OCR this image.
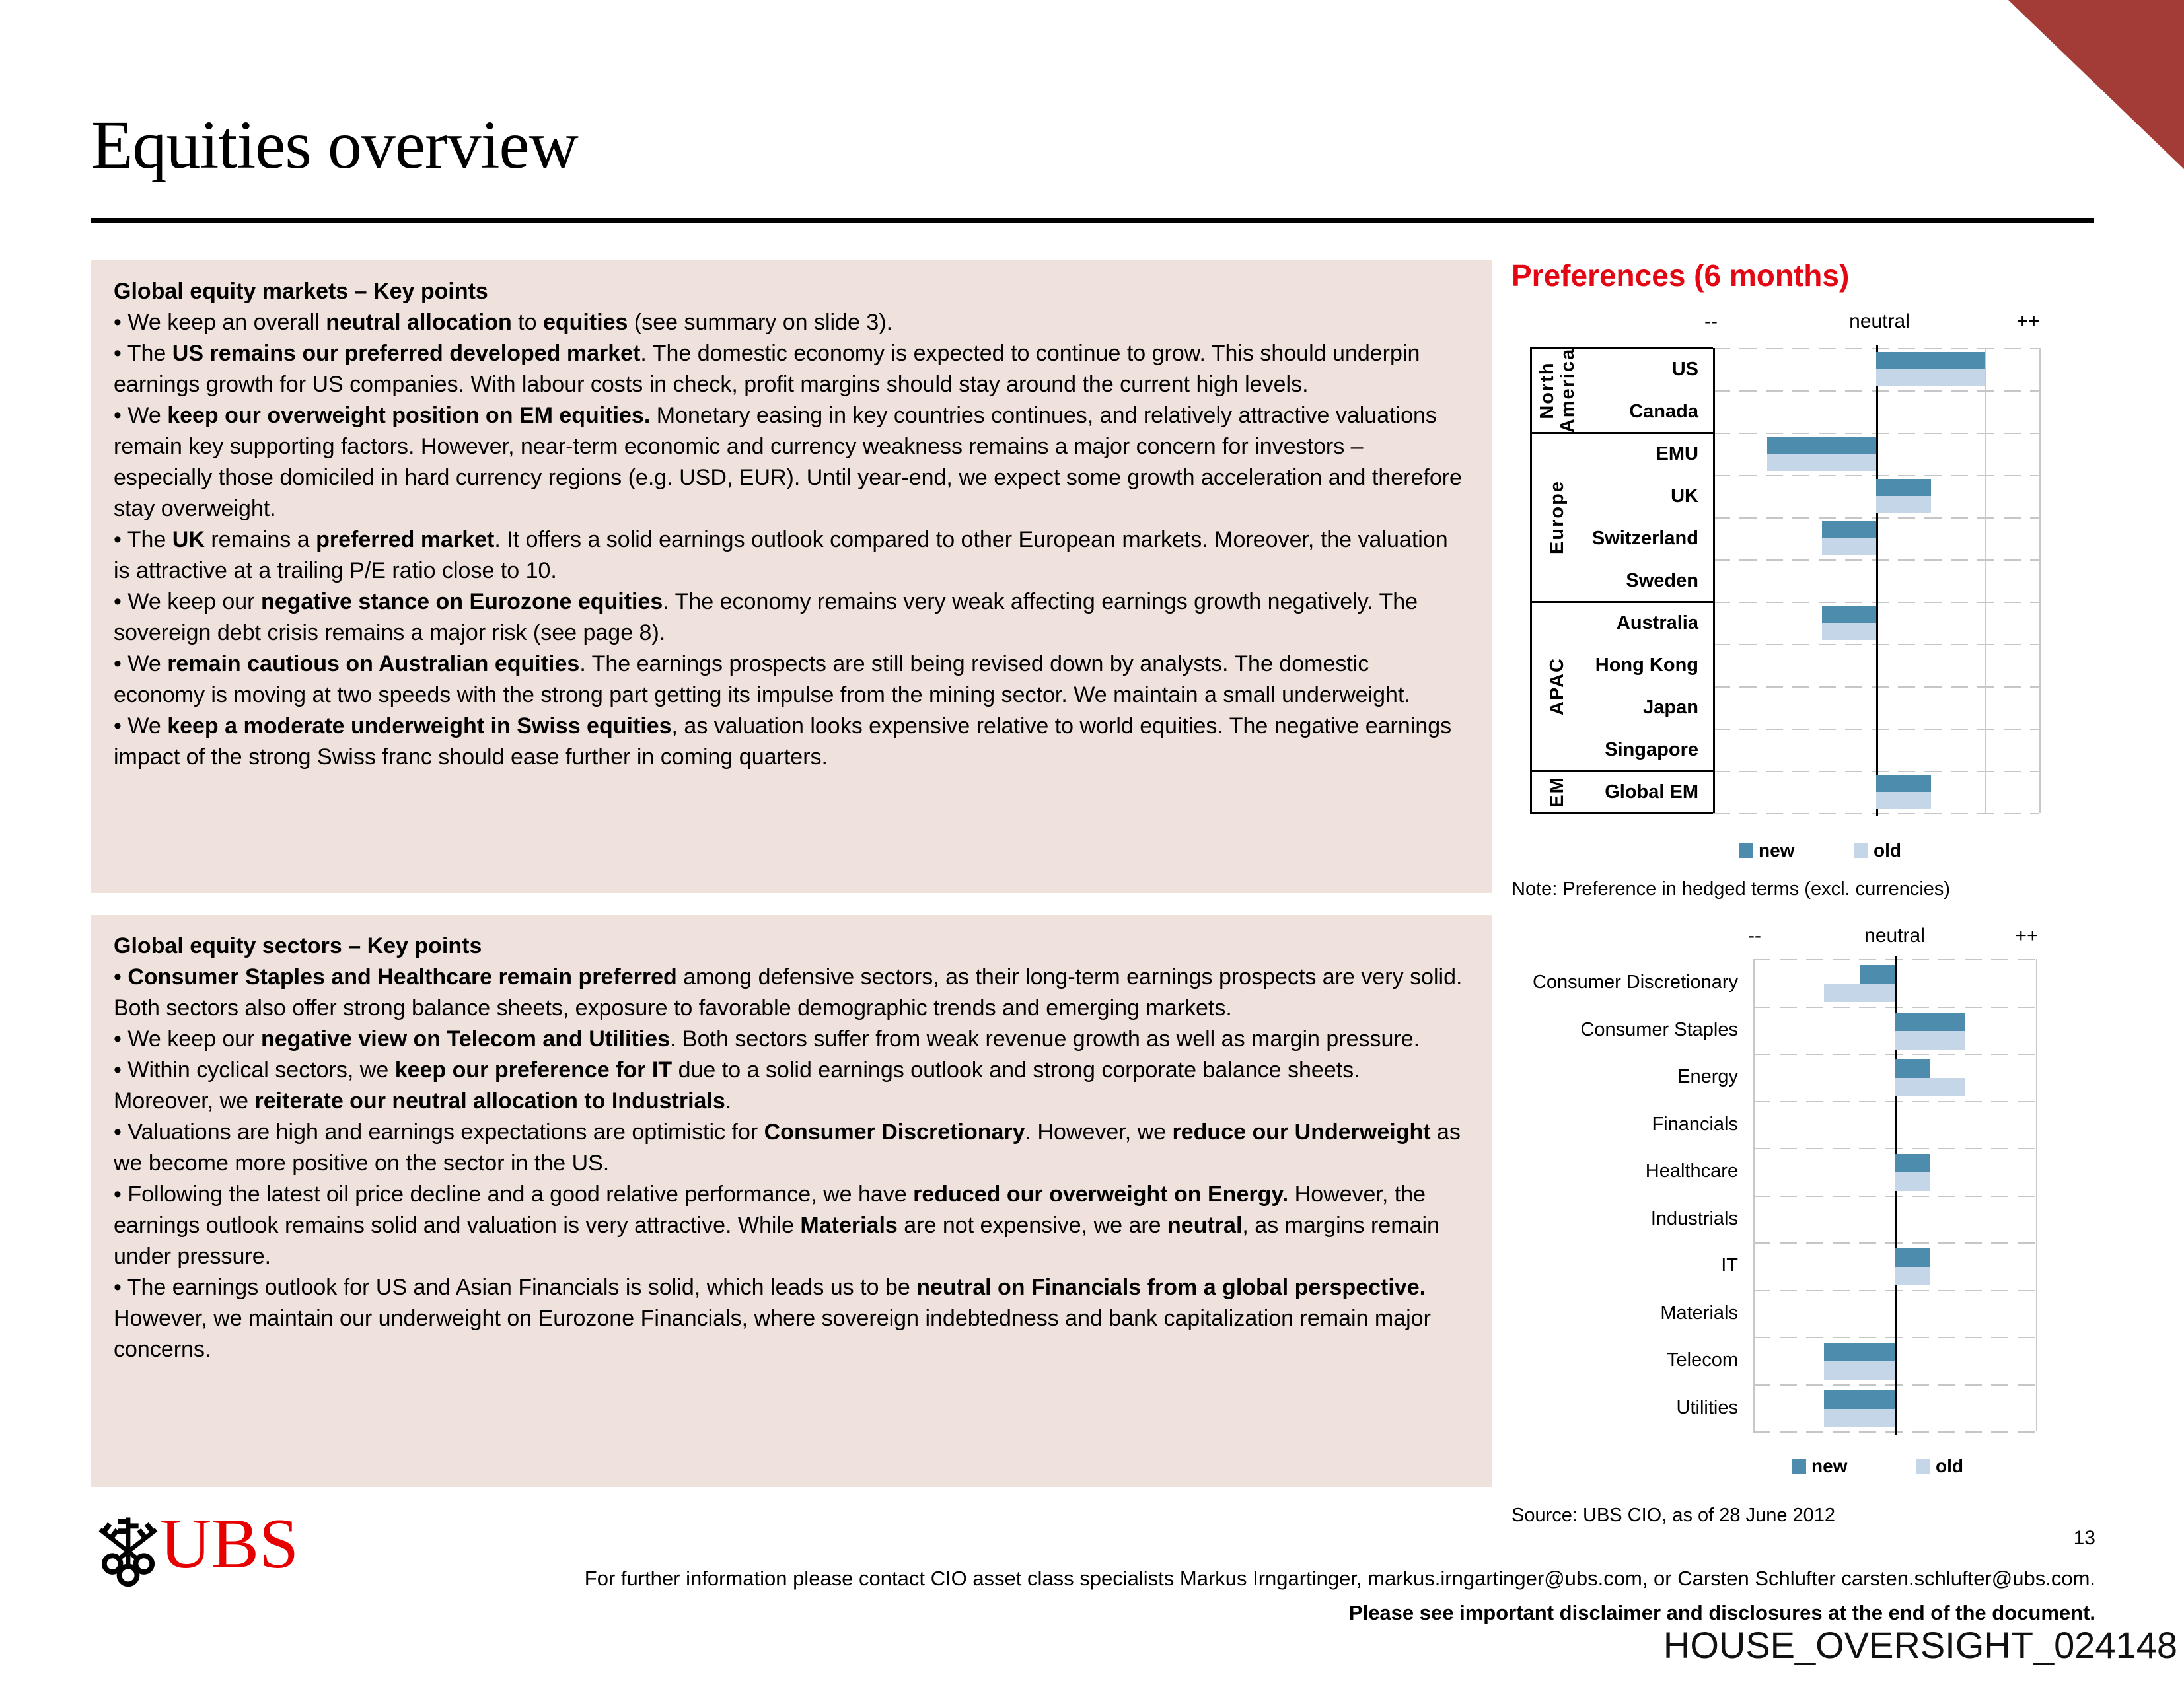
Equities overview
Global equity markets – Key points
• We keep an overall neutral allocation to equities (see summary on slide 3).
• The US remains our preferred developed market. The domestic economy is expected to continue to grow. This should underpin earnings growth for US companies. With labour costs in check, profit margins should stay around the current high levels.
• We keep our overweight position on EM equities. Monetary easing in key countries continues, and relatively attractive valuations remain key supporting factors. However, near-term economic and currency weakness remains a major concern for investors – especially those domiciled in hard currency regions (e.g. USD, EUR). Until year-end, we expect some growth acceleration and therefore stay overweight.
• The UK remains a preferred market. It offers a solid earnings outlook compared to other European markets. Moreover, the valuation is attractive at a trailing P/E ratio close to 10.
• We keep our negative stance on Eurozone equities. The economy remains very weak affecting earnings growth negatively. The sovereign debt crisis remains a major risk (see page 8).
• We remain cautious on Australian equities. The earnings prospects are still being revised down by analysts. The domestic economy is moving at two speeds with the strong part getting its impulse from the mining sector. We maintain a small underweight.
• We keep a moderate underweight in Swiss equities, as valuation looks expensive relative to world equities. The negative earnings impact of the strong Swiss franc should ease further in coming quarters.
Global equity sectors – Key points
• Consumer Staples and Healthcare remain preferred among defensive sectors, as their long-term earnings prospects are very solid. Both sectors also offer strong balance sheets, exposure to favorable demographic trends and emerging markets.
• We keep our negative view on Telecom and Utilities. Both sectors suffer from weak revenue growth as well as margin pressure.
• Within cyclical sectors, we keep our preference for IT due to a solid earnings outlook and strong corporate balance sheets. Moreover, we reiterate our neutral allocation to Industrials.
• Valuations are high and earnings expectations are optimistic for Consumer Discretionary. However, we reduce our Underweight as we become more positive on the sector in the US.
• Following the latest oil price decline and a good relative performance, we have reduced our overweight on Energy. However, the earnings outlook remains solid and valuation is very attractive. While Materials are not expensive, we are neutral, as margins remain under pressure.
• The earnings outlook for US and Asian Financials is solid, which leads us to be neutral on Financials from a global perspective. However, we maintain our underweight on Eurozone Financials, where sovereign indebtedness and bank capitalization remain major concerns.
Preferences (6 months)
--	neutral	++
US
Canada
EMU
UK
Switzerland
Sweden
Australia
Hong Kong
Japan
Singapore
Global EM
North America
Europe
APAC
EM
new	old
Note: Preference in hedged terms (excl. currencies)
--	neutral	++
Consumer Discretionary
Consumer Staples
Energy
Financials
Healthcare
Industrials
IT
Materials
Telecom
Utilities
new	old
Source: UBS CIO, as of 28 June 2012
UBS	13
For further information please contact CIO asset class specialists Markus Irngartinger, markus.irngartinger@ubs.com, or Carsten Schlufter carsten.schlufter@ubs.com.
Please see important disclaimer and disclosures at the end of the document.
HOUSE_OVERSIGHT_024148
